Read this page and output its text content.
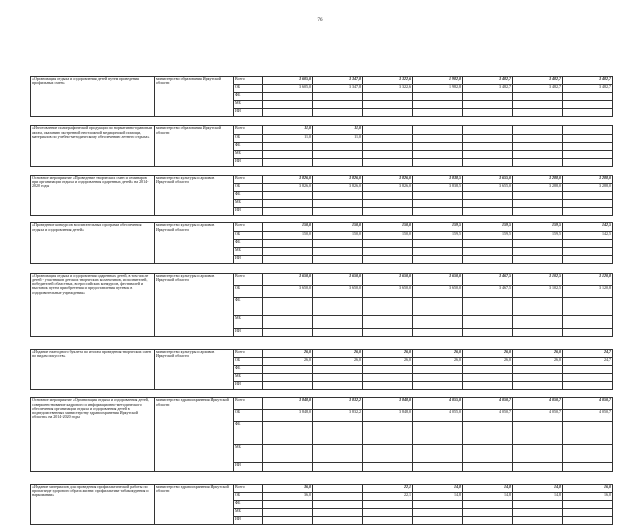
76
«Организация отдыха и оздоровления детей путем проведения профильных смен»	министерство образования Иркутской области	Всего	3 605,0	3 347,8	3 322,6	1 982,8	3 482,7	3 482,7	3 482,7
		ОБ	3 605,0	3 347,8	3 322,6	1 982,8	3 482,7	3 482,7	3 482,7
		ФБ							
		МБ							
		ИИ							

«Изготовление полиграфической продукции по нормативно-правовым актам, оказанию экстренной неотложной медицинской помощи, материалов по учебно-методическому обеспечению летнего отдыха»	министерство образования Иркутской области	Всего	11,0	11,0					
		ОБ	11,0	11,0					
		ФБ							
		МБ							
		ИИ							

Основное мероприятие «Проведение творческих смен и семинаров при организации отдыха и оздоровления одаренных детей» на 2014-2020 годы	министерство культуры и архивов Иркутской области	Всего	3 826,0	3 826,0	3 826,0	3 838,5	3 655,0	3 288,0	3 288,0
		ОБ	3 826,0	3 826,0	3 826,0	3 838,5	3 655,0	3 288,0	3 288,0
		ФБ							
		МБ							
		ИИ							

«Проведение конкурсов воспитательных программ обеспечения отдыха и оздоровления детей»	министерство культуры и архивов Иркутской области	Всего	150,0	150,0	150,0	159,5	159,5	159,5	142,5
		ОБ	150,0	150,0	150,0	159,5	159,5	159,5	142,5
		ФБ							
		МБ							
		ИИ							

«Организация отдыха и оздоровления одаренных детей, в том числе детей - участников детских творческих коллективов, исполнителей, победителей областных, всероссийских конкурсов, фестивалей и выставок путем приобретения и предоставления путевок в оздоровительные учреждения»	министерство культуры и архивов Иркутской области	Всего	3 650,0	3 650,0	3 650,0	3 650,0	3 467,5	3 102,5	3 120,8
		ОБ	3 650,0	3 650,0	3 650,0	3 650,0	3 467,5	3 102,5	3 120,8
		ФБ							
		МБ							
		ИИ							

«Издание ежегодного буклета по итогам проведения творческих смен по видам искусств»	министерство культуры и архивов Иркутской области	Всего	26,0	26,0	26,0	26,0	26,0	26,0	24,7
		ОБ	26,0	26,0	26,0	26,0	26,0	26,0	24,7
		ФБ							
		МБ							
		ИИ							

Основное мероприятие «Организация отдыха и оздоровления детей, совершенствование кадрового и информационно-методического обеспечения организации отдыха и оздоровления детей в подведомственных министерству здравоохранения Иркутской области» на 2014-2020 годы	министерство здравоохранения Иркутской области	Всего	3 848,0	3 832,2	3 848,0	4 055,0	4 050,7	4 050,7	4 050,7
		ОБ	3 848,0	3 832,2	3 848,0	4 055,0	4 050,7	4 050,7	4 050,7
		ФБ							
		МБ							
		ИИ							

«Издание материалов для проведения профилактической работы по пропаганде здорового образа жизни: профилактике табакокурения и наркомании»	министерство здравоохранения Иркутской области	Всего	36,0		22,1	14,8	14,8	14,8	16,0
		ОБ	36,0		22,1	14,8	14,8	14,8	16,0
		ФБ							
		МБ							
		ИИ							
